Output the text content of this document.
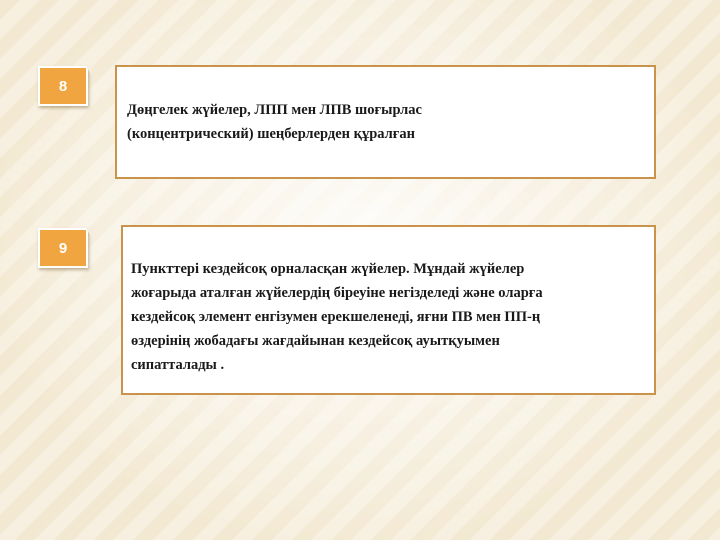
8

Дөңгелек жүйелер, ЛПП мен ЛПВ шоғырлас

(концентрический) шеңберлерден құралған

9

Пункттері кездейсоқ орналасқан жүйелер. Мұндай жүйелер

жоғарыда аталған жүйелердің біреуіне негізделеді және оларға

кездейсоқ элемент енгізумен ерекшеленеді, яғни ПВ мен ПП-ң

өздерінің жобадағы жағдайынан кездейсоқ ауытқуымен

сипатталады .
